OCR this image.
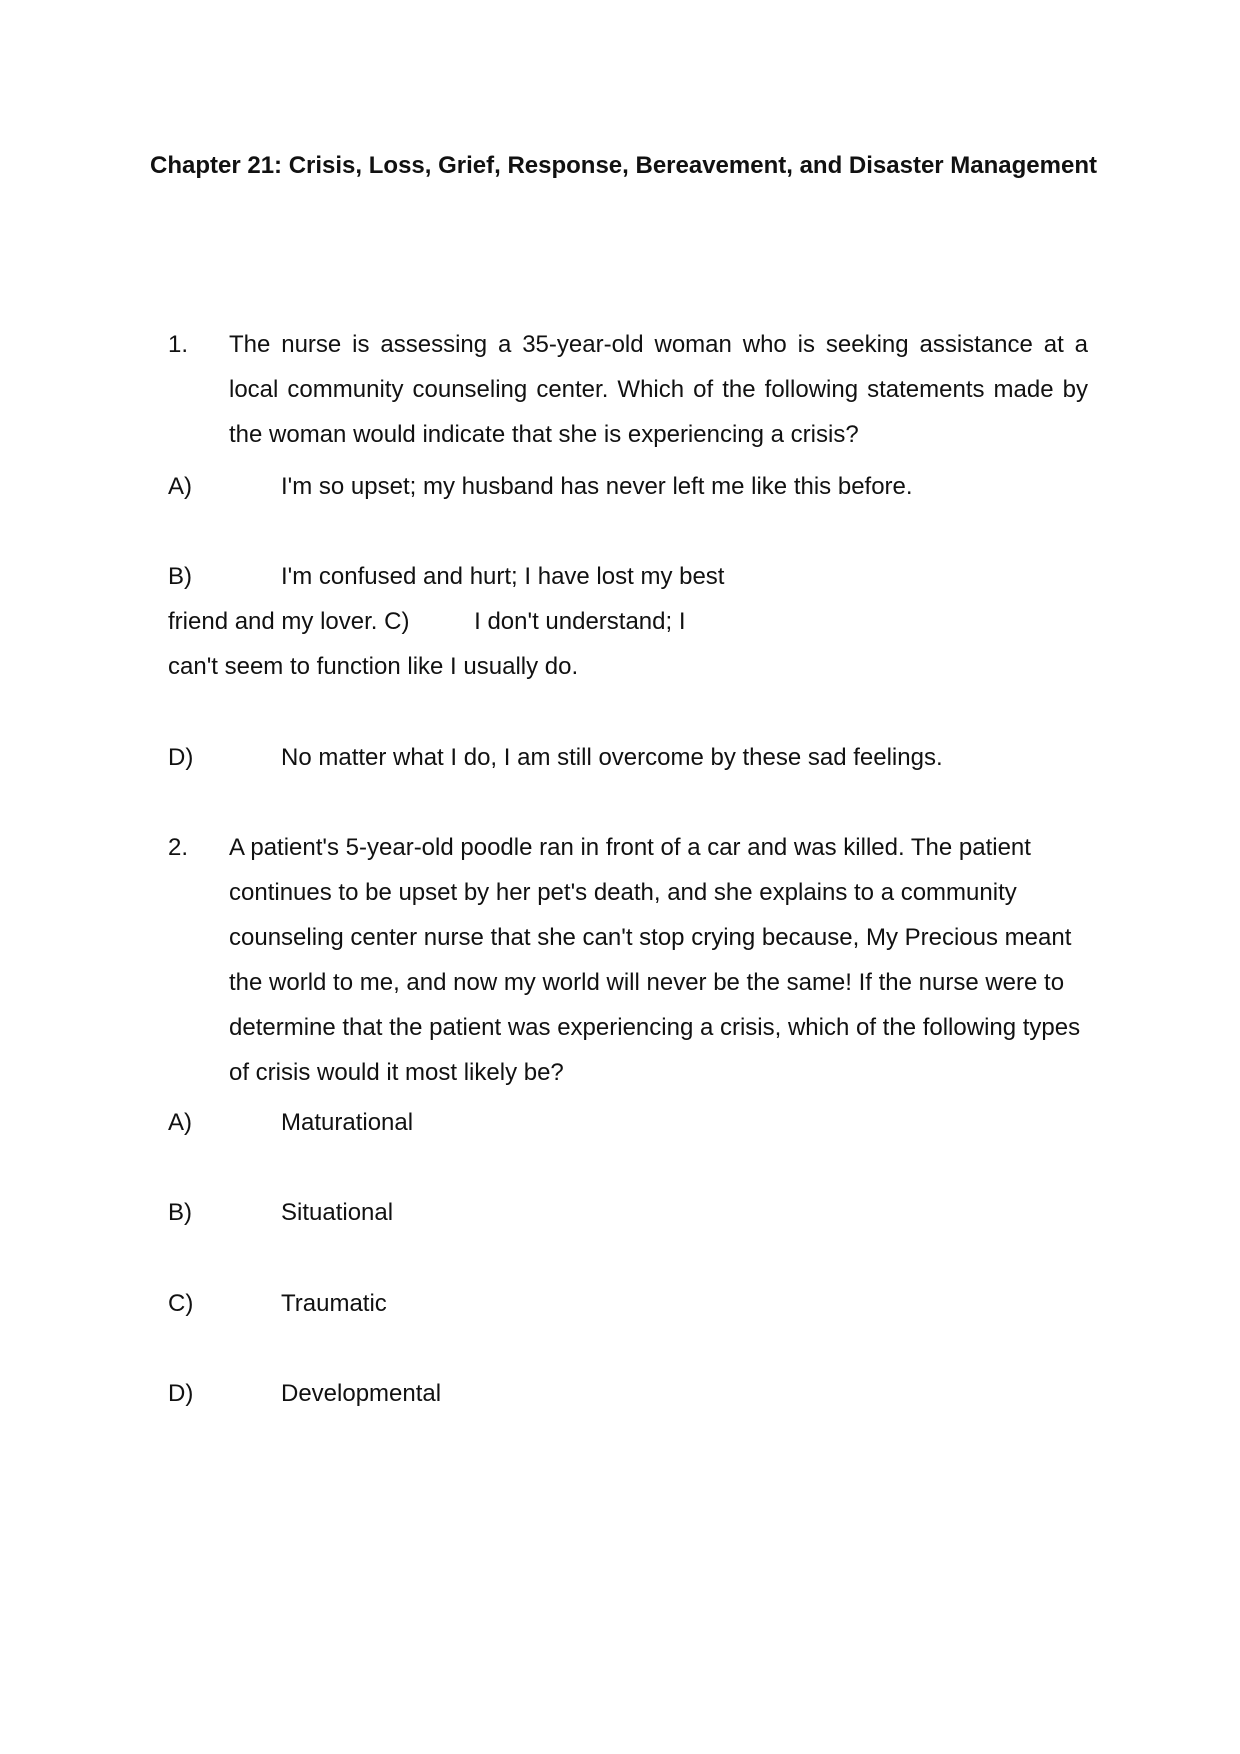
Chapter 21: Crisis, Loss, Grief, Response, Bereavement, and Disaster Management
1. The nurse is assessing a 35-year-old woman who is seeking assistance at a local community counseling center. Which of the following statements made by the woman would indicate that she is experiencing a crisis?
A)	I'm so upset; my husband has never left me like this before.
B)	I'm confused and hurt; I have lost my best friend and my lover. C)	I don't understand; I can't seem to function like I usually do.
D)	No matter what I do, I am still overcome by these sad feelings.
2. A patient's 5-year-old poodle ran in front of a car and was killed. The patient continues to be upset by her pet's death, and she explains to a community counseling center nurse that she can't stop crying because, My Precious meant the world to me, and now my world will never be the same! If the nurse were to determine that the patient was experiencing a crisis, which of the following types of crisis would it most likely be?
A)	Maturational
B)	Situational
C)	Traumatic
D)	Developmental
